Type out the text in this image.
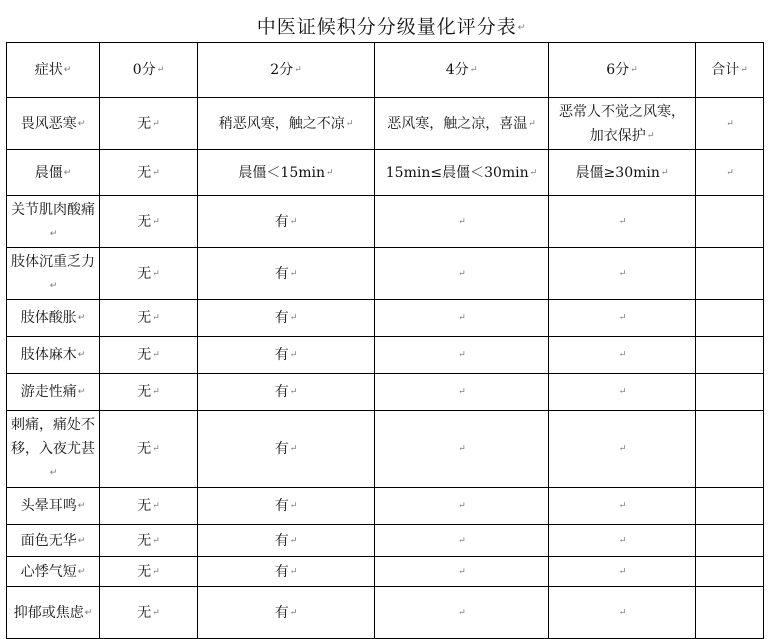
中医证候积分分级量化评分表↵
症状↵	0分↵	2分↵	4分↵	6分↵	合计↵
畏风恶寒↵	无↵	稍恶风寒，触之不凉↵	恶风寒，触之凉，喜温↵	恶常人不觉之风寒，加衣保护↵	↵
晨僵↵	无↵	晨僵＜15min↵	15min≤晨僵＜30min↵	晨僵≥30min↵	↵
关节肌肉酸痛↵	无↵	有↵	↵	↵	
肢体沉重乏力↵	无↵	有↵	↵	↵	
肢体酸胀↵	无↵	有↵	↵	↵	
肢体麻木↵	无↵	有↵	↵	↵	
游走性痛↵	无↵	有↵	↵	↵	
刺痛，痛处不移，入夜尤甚↵	无↵	有↵	↵	↵	
头晕耳鸣↵	无↵	有↵	↵	↵	
面色无华↵	无↵	有↵	↵	↵	
心悸气短↵	无↵	有↵	↵	↵	
抑郁或焦虑↵	无↵	有↵	↵	↵	
